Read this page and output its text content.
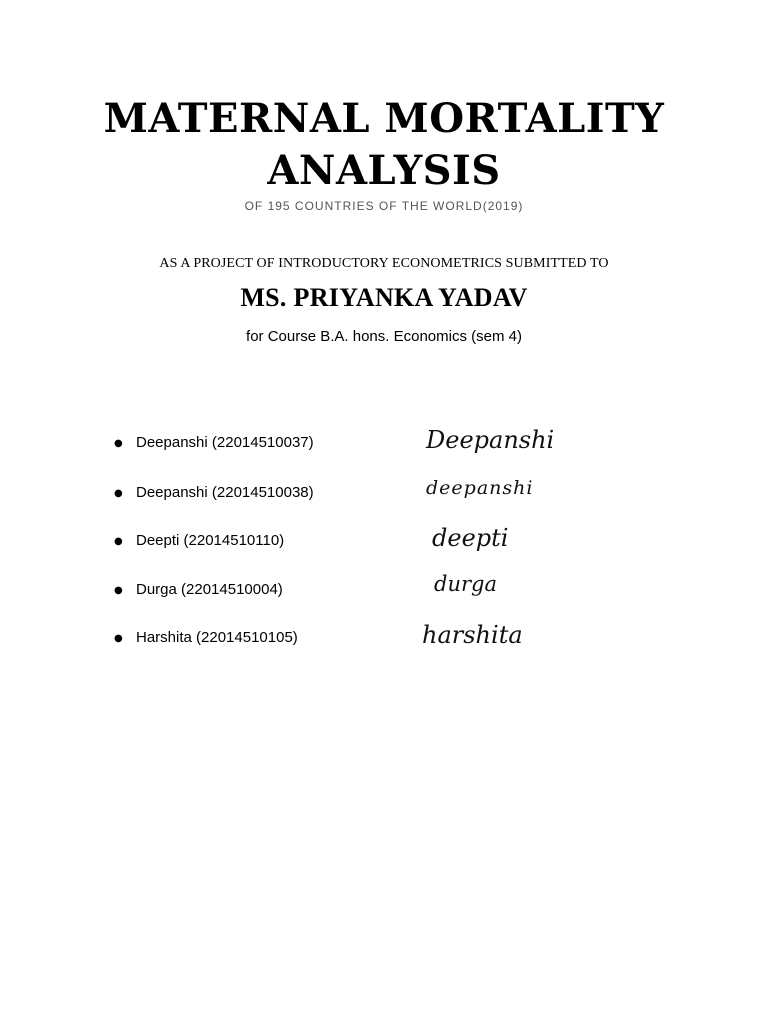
MATERNAL MORTALITY
ANALYSIS
OF 195 COUNTRIES OF THE WORLD(2019)
AS A PROJECT OF INTRODUCTORY ECONOMETRICS SUBMITTED TO
MS. PRIYANKA YADAV
for Course B.A. hons. Economics (sem 4)
● Deepanshi (22014510037)	Deepanshi
● Deepanshi (22014510038)	deepanshi
● Deepti (22014510110)	deepti
● Durga (22014510004)	durga
● Harshita (22014510105)	harshita
